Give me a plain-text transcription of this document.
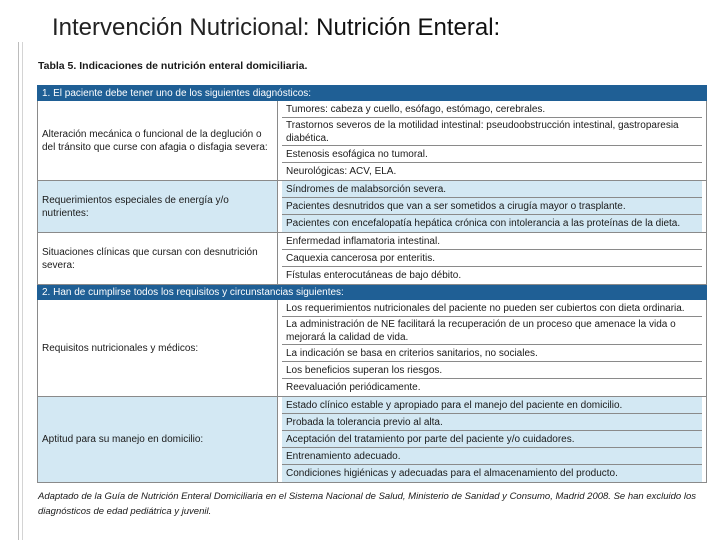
Intervención Nutricional: Nutrición Enteral:
Tabla 5. Indicaciones de nutrición enteral domiciliaria.
1. El paciente debe tener uno de los siguientes diagnósticos:	
Alteración mecánica o funcional de la deglución o del tránsito que curse con afagia o disfagia severa:	Tumores: cabeza y cuello, esófago, estómago, cerebrales.
Trastornos severos de la motilidad intestinal: pseudoobstrucción intestinal, gastroparesia diabética.
Estenosis esofágica no tumoral.
Neurológicas: ACV, ELA.

Requerimientos especiales de energía y/o nutrientes:	Síndromes de malabsorción severa.
Pacientes desnutridos que van a ser sometidos a cirugía mayor o trasplante.
Pacientes con encefalopatía hepática crónica con intolerancia a las proteínas de la dieta.

Situaciones clínicas que cursan con desnutrición severa:	Enfermedad inflamatoria intestinal.
Caquexia cancerosa por enteritis.
Fístulas enterocutáneas de bajo débito.

2. Han de cumplirse todos los requisitos y circunstancias siguientes:	
Requisitos nutricionales y médicos:	Los requerimientos nutricionales del paciente no pueden ser cubiertos con dieta ordinaria.
La administración de NE facilitará la recuperación de un proceso que amenace la vida o mejorará la calidad de vida.
La indicación se basa en criterios sanitarios, no sociales.
Los beneficios superan los riesgos.
Reevaluación periódicamente.

Aptitud para su manejo en domicilio:	Estado clínico estable y apropiado para el manejo del paciente en domicilio.
Probada la tolerancia previo al alta.
Aceptación del tratamiento por parte del paciente y/o cuidadores.
Entrenamiento adecuado.
Condiciones higiénicas y adecuadas para el almacenamiento del producto.
Adaptado de la Guía de Nutrición Enteral Domiciliaria en el Sistema Nacional de Salud, Ministerio de Sanidad y Consumo, Madrid 2008. Se han excluido los diagnósticos de edad pediátrica y juvenil.
